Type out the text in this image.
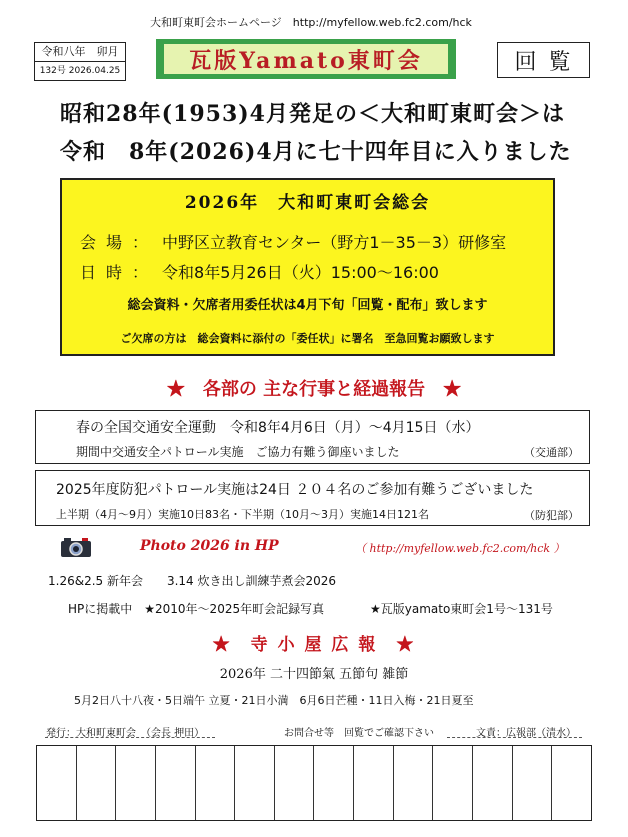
大和町東町会ホームページ　http://myfellow.web.fc2.com/hck
令和八年　卯月
132号 2026.04.25	瓦版Yamato東町会	回覧
昭和28年(1953)4月発足の＜大和町東町会＞は
令和　8年(2026)4月に七十四年目に入りました
2026年　大和町東町会総会
会場： 中野区立教育センター（野方1－35－3）研修室
日時： 令和8年5月26日（火）15:00～16:00
総会資料・欠席者用委任状は4月下旬「回覧・配布」致します
ご欠席の方は　総会資料に添付の「委任状」に署名　至急回覧お願致します
★　各部の 主な行事と経過報告　★
春の全国交通安全運動　令和8年4月6日（月）～4月15日（水）
期間中交通安全パトロール実施　ご協力有難う御座いました	（交通部）
2025年度防犯パトロール実施は24日 ２０４名のご参加有難うございました
上半期（4月～9月）実施10日83名・下半期（10月～3月）実施14日121名	（防犯部）
Photo 2026 in HP	（ http://myfellow.web.fc2.com/hck ）
1.26&2.5 新年会　　3.14 炊き出し訓練芋煮会2026
HPに掲載中　★2010年～2025年町会記録写真	★瓦版yamato東町会1号～131号
★　寺 小 屋 広 報　★
2026年 二十四節氣 五節句 雑節
5月2日八十八夜・5日端午 立夏・21日小満　6月6日芒種・11日入梅・21日夏至
発行：大和町東町会　（会長 押田）	お問合せ等　回覧でご確認下さい	文責：広報部（清水）
